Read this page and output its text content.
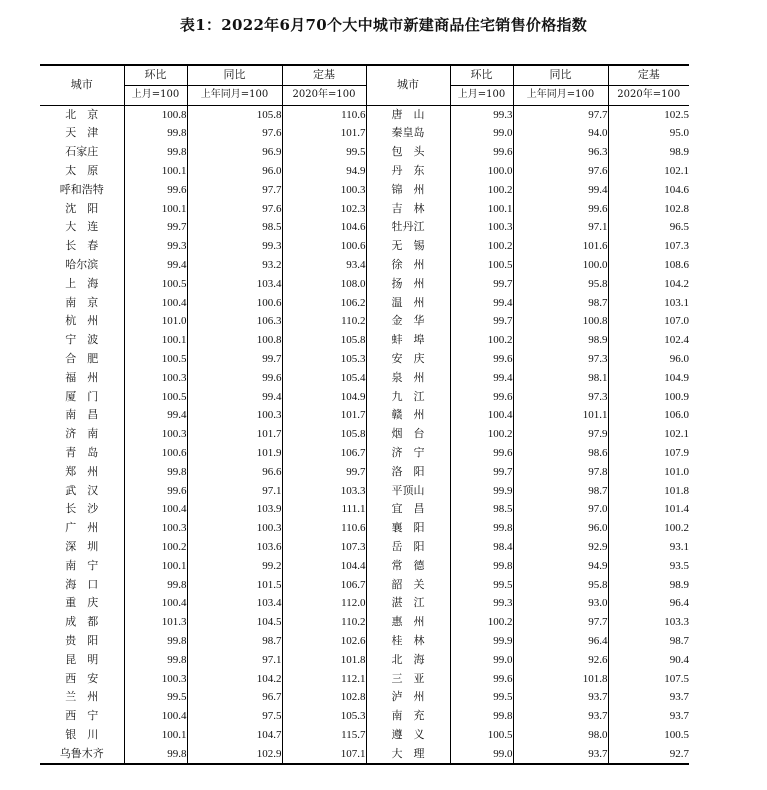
表1：2022年6月70个大中城市新建商品住宅销售价格指数
城市	环比	同比	定基	城市	环比	同比	定基
	上月=100	上年同月=100	2020年=100		上月=100	上年同月=100	2020年=100
北　京	100.8	105.8	110.6	唐　山	99.3	97.7	102.5
天　津	99.8	97.6	101.7	秦皇岛	99.0	94.0	95.0
石家庄	99.8	96.9	99.5	包　头	99.6	96.3	98.9
太　原	100.1	96.0	94.9	丹　东	100.0	97.6	102.1
呼和浩特	99.6	97.7	100.3	锦　州	100.2	99.4	104.6
沈　阳	100.1	97.6	102.3	吉　林	100.1	99.6	102.8
大　连	99.7	98.5	104.6	牡丹江	100.3	97.1	96.5
长　春	99.3	99.3	100.6	无　锡	100.2	101.6	107.3
哈尔滨	99.4	93.2	93.4	徐　州	100.5	100.0	108.6
上　海	100.5	103.4	108.0	扬　州	99.7	95.8	104.2
南　京	100.4	100.6	106.2	温　州	99.4	98.7	103.1
杭　州	101.0	106.3	110.2	金　华	99.7	100.8	107.0
宁　波	100.1	100.8	105.8	蚌　埠	100.2	98.9	102.4
合　肥	100.5	99.7	105.3	安　庆	99.6	97.3	96.0
福　州	100.3	99.6	105.4	泉　州	99.4	98.1	104.9
厦　门	100.5	99.4	104.9	九　江	99.6	97.3	100.9
南　昌	99.4	100.3	101.7	赣　州	100.4	101.1	106.0
济　南	100.3	101.7	105.8	烟　台	100.2	97.9	102.1
青　岛	100.6	101.9	106.7	济　宁	99.6	98.6	107.9
郑　州	99.8	96.6	99.7	洛　阳	99.7	97.8	101.0
武　汉	99.6	97.1	103.3	平顶山	99.9	98.7	101.8
长　沙	100.4	103.9	111.1	宜　昌	98.5	97.0	101.4
广　州	100.3	100.3	110.6	襄　阳	99.8	96.0	100.2
深　圳	100.2	103.6	107.3	岳　阳	98.4	92.9	93.1
南　宁	100.1	99.2	104.4	常　德	99.8	94.9	93.5
海　口	99.8	101.5	106.7	韶　关	99.5	95.8	98.9
重　庆	100.4	103.4	112.0	湛　江	99.3	93.0	96.4
成　都	101.3	104.5	110.2	惠　州	100.2	97.7	103.3
贵　阳	99.8	98.7	102.6	桂　林	99.9	96.4	98.7
昆　明	99.8	97.1	101.8	北　海	99.0	92.6	90.4
西　安	100.3	104.2	112.1	三　亚	99.6	101.8	107.5
兰　州	99.5	96.7	102.8	泸　州	99.5	93.7	93.7
西　宁	100.4	97.5	105.3	南　充	99.8	93.7	93.7
银　川	100.1	104.7	115.7	遵　义	100.5	98.0	100.5
乌鲁木齐	99.8	102.9	107.1	大　理	99.0	93.7	92.7
